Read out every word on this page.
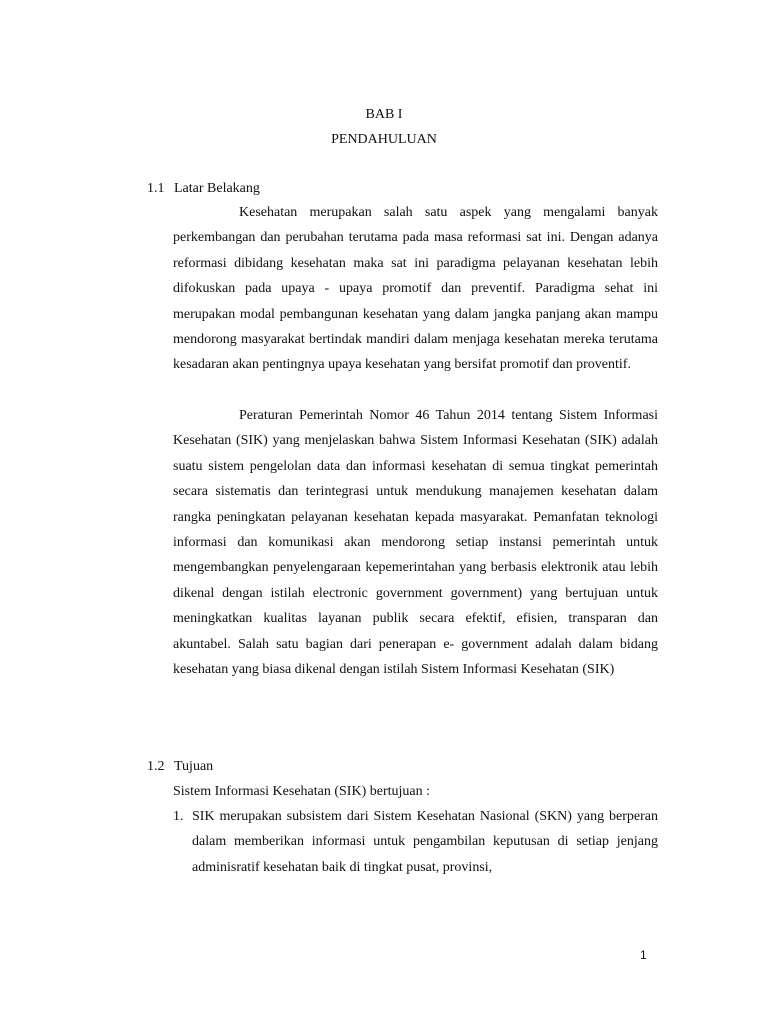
BAB I
PENDAHULUAN
1.1 Latar Belakang

Kesehatan merupakan salah satu aspek yang mengalami banyak perkembangan dan perubahan terutama pada masa reformasi sat ini. Dengan adanya reformasi dibidang kesehatan maka sat ini paradigma pelayanan kesehatan lebih difokuskan pada upaya - upaya promotif dan preventif. Paradigma sehat ini merupakan modal pembangunan kesehatan yang dalam jangka panjang akan mampu mendorong masyarakat bertindak mandiri dalam menjaga kesehatan mereka terutama kesadaran akan pentingnya upaya kesehatan yang bersifat promotif dan proventif.

Peraturan Pemerintah Nomor 46 Tahun 2014 tentang Sistem Informasi Kesehatan (SIK) yang menjelaskan bahwa Sistem Informasi Kesehatan (SIK) adalah suatu sistem pengelolan data dan informasi kesehatan di semua tingkat pemerintah secara sistematis dan terintegrasi untuk mendukung manajemen kesehatan dalam rangka peningkatan pelayanan kesehatan kepada masyarakat. Pemanfatan teknologi informasi dan komunikasi akan mendorong setiap instansi pemerintah untuk mengembangkan penyelengaraan kepemerintahan yang berbasis elektronik atau lebih dikenal dengan istilah electronic government government) yang bertujuan untuk meningkatkan kualitas layanan publik secara efektif, efisien, transparan dan akuntabel. Salah satu bagian dari penerapan e- government adalah dalam bidang kesehatan yang biasa dikenal dengan istilah Sistem Informasi Kesehatan (SIK)

1.2 Tujuan
Sistem Informasi Kesehatan (SIK) bertujuan :
1. SIK merupakan subsistem dari Sistem Kesehatan Nasional (SKN) yang berperan dalam memberikan informasi untuk pengambilan keputusan di setiap jenjang adminisratif kesehatan baik di tingkat pusat, provinsi,
1
